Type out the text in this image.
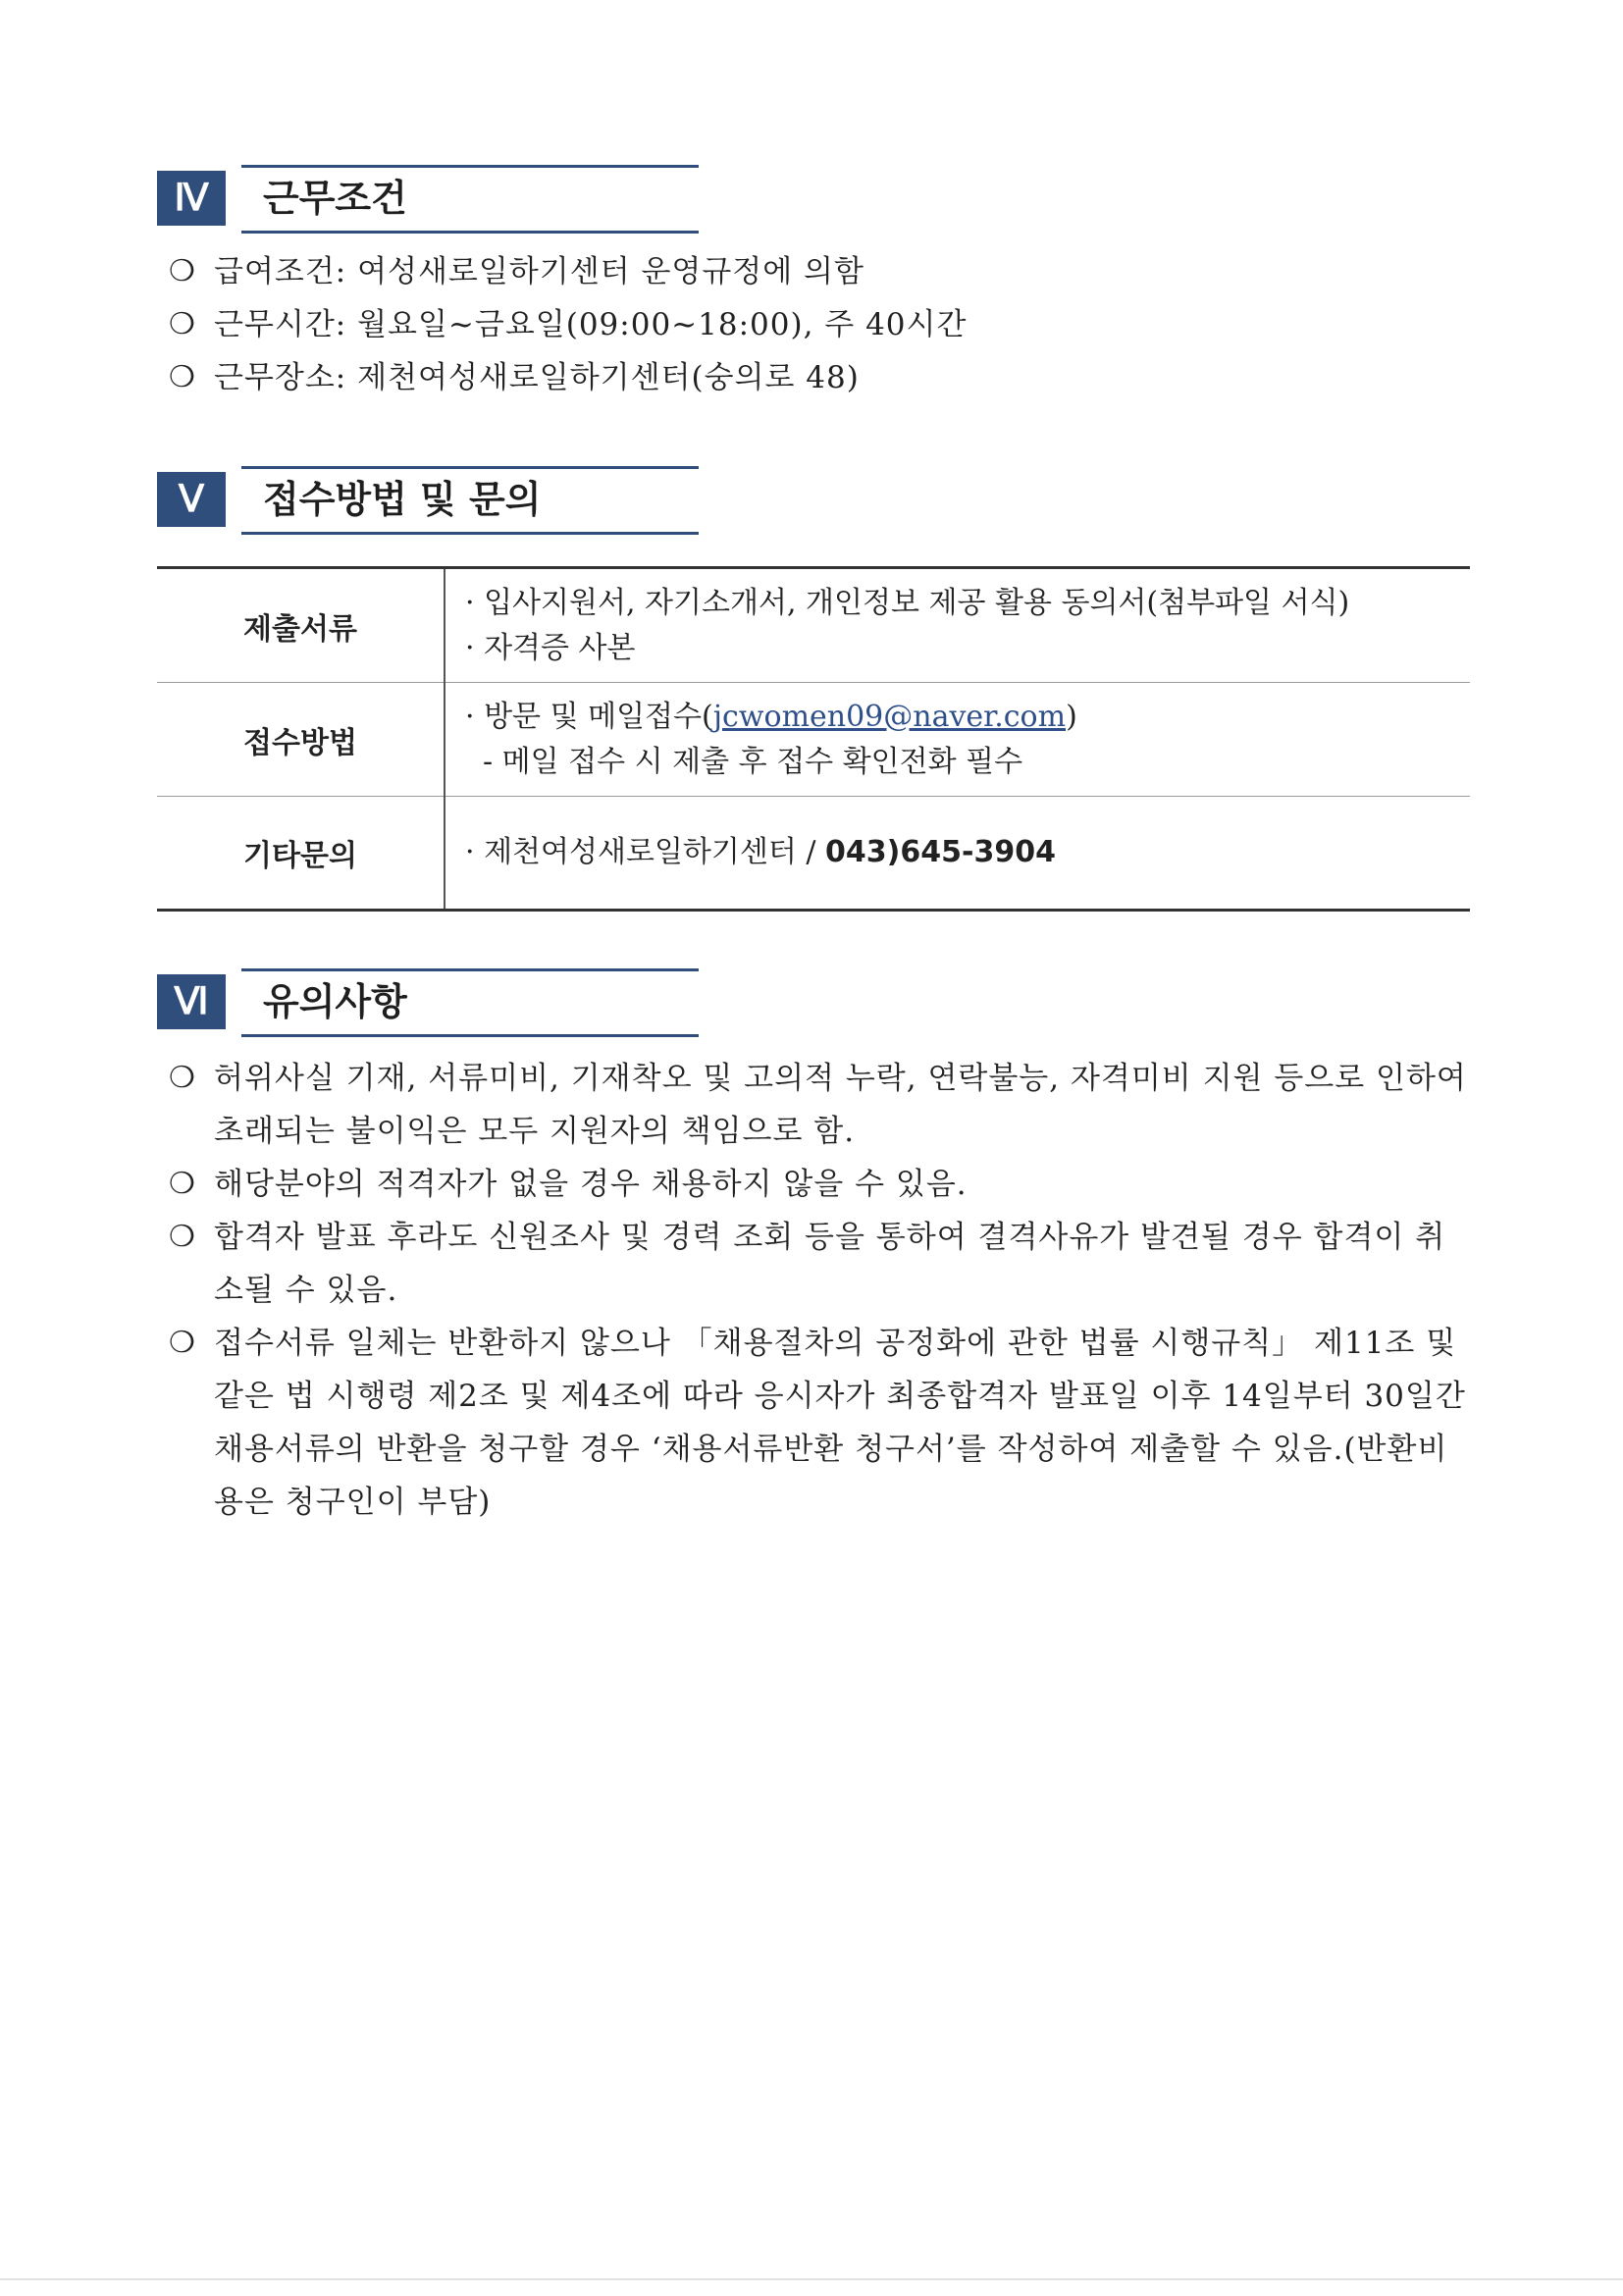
Ⅳ	근무조건
❍ 급여조건: 여성새로일하기센터 운영규정에 의함
❍ 근무시간: 월요일~금요일(09:00~18:00), 주 40시간
❍ 근무장소: 제천여성새로일하기센터(숭의로 48)
Ⅴ	접수방법 및 문의
제출서류	· 입사지원서, 자기소개서, 개인정보 제공 활용 동의서(첨부파일 서식)
· 자격증 사본

접수방법	· 방문 및 메일접수(jcwomen09@naver.com)
- 메일 접수 시 제출 후 접수 확인전화 필수

기타문의	· 제천여성새로일하기센터 / 043)645-3904
Ⅵ	유의사항
❍ 허위사실 기재, 서류미비, 기재착오 및 고의적 누락, 연락불능, 자격미비 지원 등으로 인하여 초래되는 불이익은 모두 지원자의 책임으로 함.
❍ 해당분야의 적격자가 없을 경우 채용하지 않을 수 있음.
❍ 합격자 발표 후라도 신원조사 및 경력 조회 등을 통하여 결격사유가 발견될 경우 합격이 취소될 수 있음.
❍ 접수서류 일체는 반환하지 않으나 「채용절차의 공정화에 관한 법률 시행규칙」 제11조 및 같은 법 시행령 제2조 및 제4조에 따라 응시자가 최종합격자 발표일 이후 14일부터 30일간 채용서류의 반환을 청구할 경우 ‘채용서류반환 청구서’를 작성하여 제출할 수 있음.(반환비용은 청구인이 부담)
